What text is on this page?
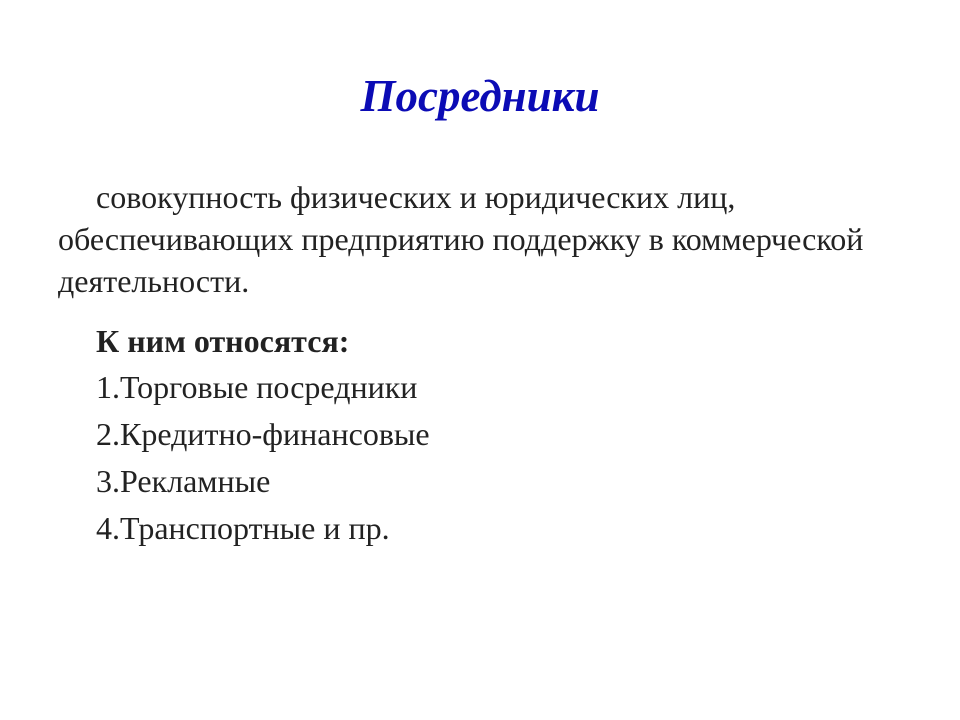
Посредники
совокупность физических и юридических лиц, обеспечивающих предприятию поддержку в коммерческой деятельности.
К ним относятся:
1.Торговые посредники
2.Кредитно-финансовые
3.Рекламные
4.Транспортные и пр.
